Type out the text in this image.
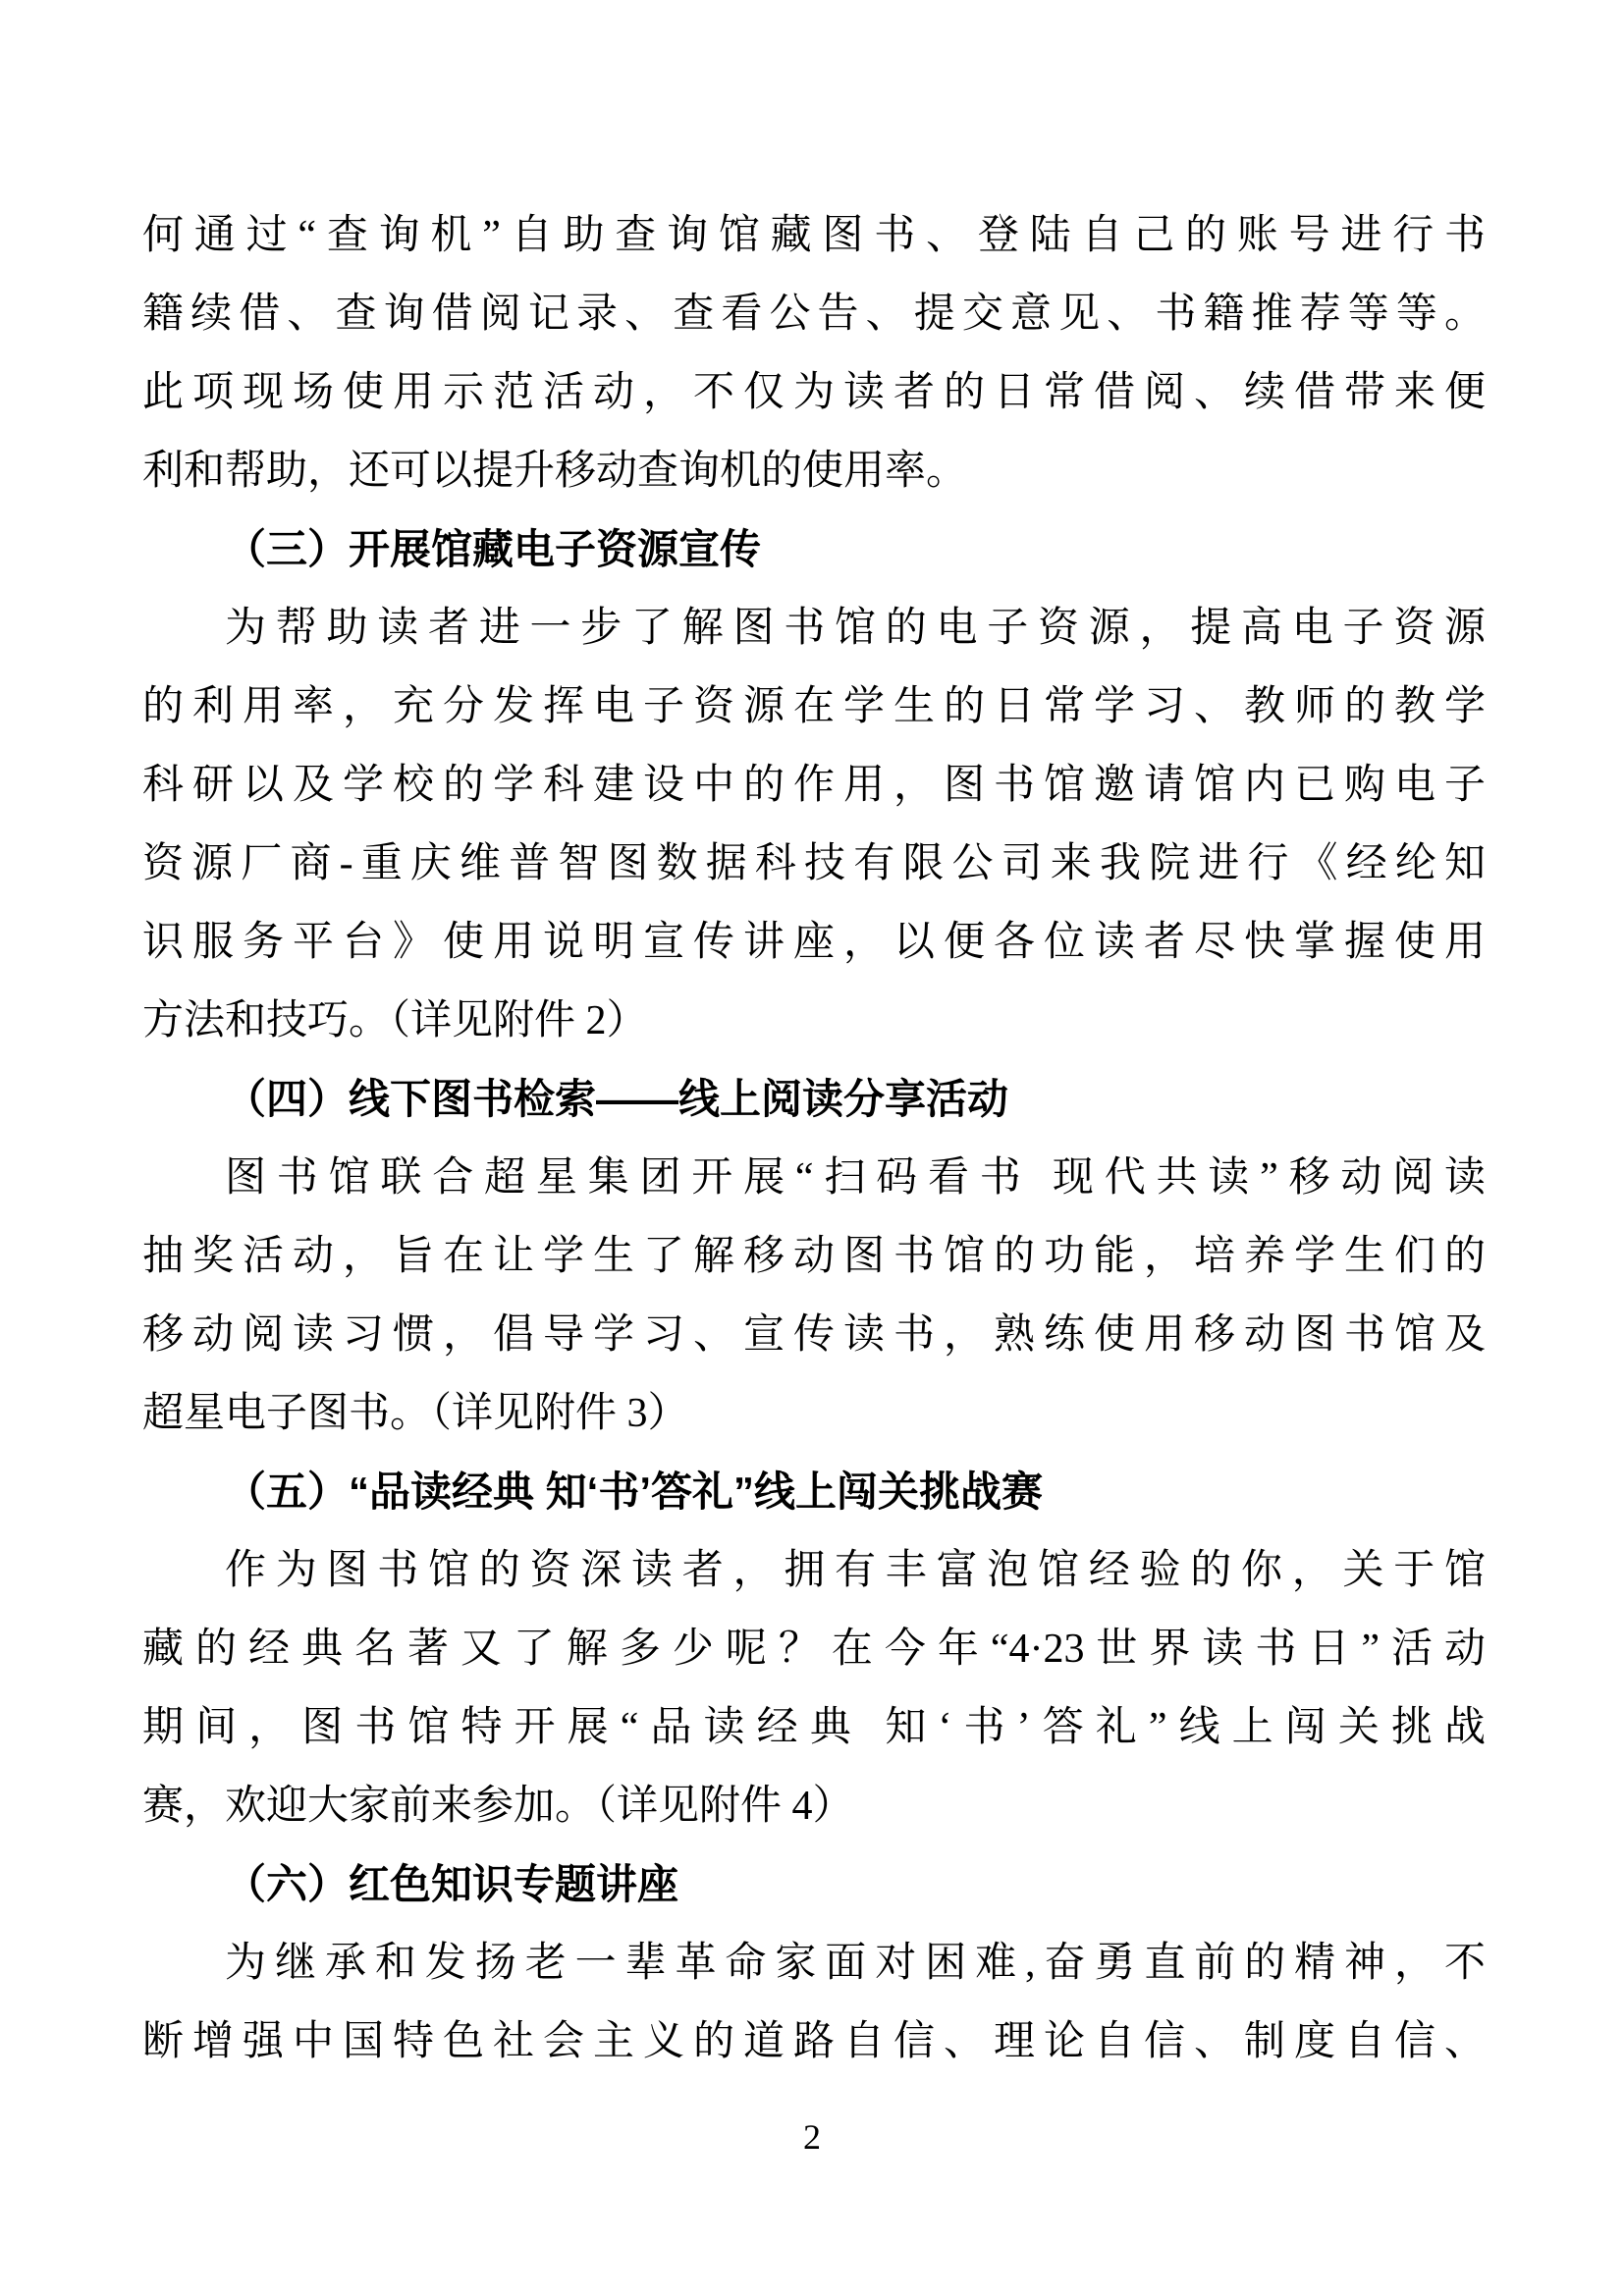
何通过“查询机”自助查询馆藏图书、登陆自己的账号进行书
籍续借、查询借阅记录、查看公告、提交意见、书籍推荐等等。
此项现场使用示范活动，不仅为读者的日常借阅、续借带来便
利和帮助，还可以提升移动查询机的使用率。
（三）开展馆藏电子资源宣传
为帮助读者进一步了解图书馆的电子资源，提高电子资源
的利用率，充分发挥电子资源在学生的日常学习、教师的教学
科研以及学校的学科建设中的作用，图书馆邀请馆内已购电子
资源厂商-重庆维普智图数据科技有限公司来我院进行《经纶知
识服务平台》使用说明宣传讲座，以便各位读者尽快掌握使用
方法和技巧。（详见附件 2）
（四）线下图书检索——线上阅读分享活动
图书馆联合超星集团开展“扫码看书 现代共读”移动阅读
抽奖活动，旨在让学生了解移动图书馆的功能，培养学生们的
移动阅读习惯，倡导学习、宣传读书，熟练使用移动图书馆及
超星电子图书。（详见附件 3）
（五）“品读经典 知‘书’答礼”线上闯关挑战赛
作为图书馆的资深读者，拥有丰富泡馆经验的你，关于馆
藏的经典名著又了解多少呢？在今年“4·23世界读书日”活动
期间，图书馆特开展“品读经典 知‘书’答礼”线上闯关挑战
赛，欢迎大家前来参加。（详见附件 4）
（六）红色知识专题讲座
为继承和发扬老一辈革命家面对困难,奋勇直前的精神，不
断增强中国特色社会主义的道路自信、理论自信、制度自信、
2
